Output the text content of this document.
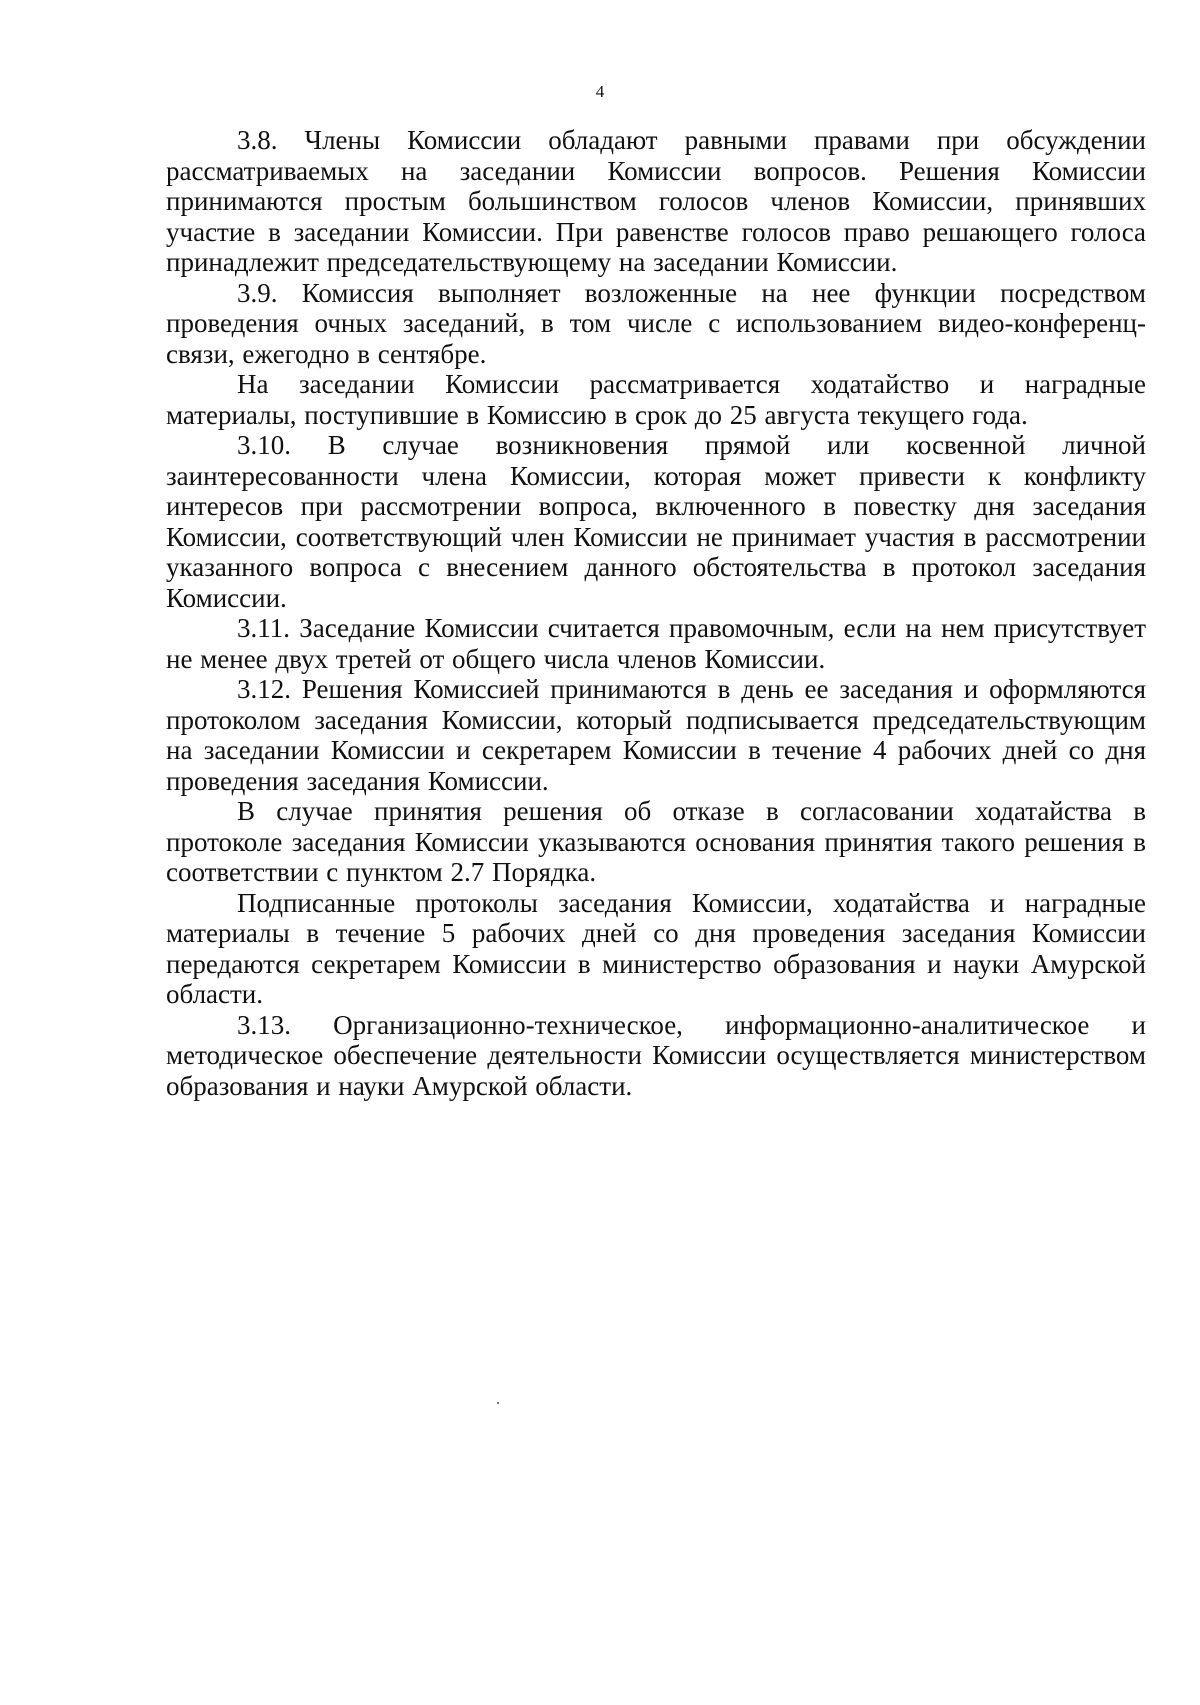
4

3.8. Члены Комиссии обладают равными правами при обсуждении рассматриваемых на заседании Комиссии вопросов. Решения Комиссии принимаются простым большинством голосов членов Комиссии, принявших участие в заседании Комиссии. При равенстве голосов право решающего голоса принадлежит председательствующему на заседании Комиссии.

3.9. Комиссия выполняет возложенные на нее функции посредством проведения очных заседаний, в том числе с использованием видео-конференц-связи, ежегодно в сентябре.

На заседании Комиссии рассматривается ходатайство и наградные материалы, поступившие в Комиссию в срок до 25 августа текущего года.

3.10. В случае возникновения прямой или косвенной личной заинтересованности члена Комиссии, которая может привести к конфликту интересов при рассмотрении вопроса, включенного в повестку дня заседания Комиссии, соответствующий член Комиссии не принимает участия в рассмотрении указанного вопроса с внесением данного обстоятельства в протокол заседания Комиссии.

3.11. Заседание Комиссии считается правомочным, если на нем присутствует не менее двух третей от общего числа членов Комиссии.

3.12. Решения Комиссией принимаются в день ее заседания и оформляются протоколом заседания Комиссии, который подписывается председательствующим на заседании Комиссии и секретарем Комиссии в течение 4 рабочих дней со дня проведения заседания Комиссии.

В случае принятия решения об отказе в согласовании ходатайства в протоколе заседания Комиссии указываются основания принятия такого решения в соответствии с пунктом 2.7 Порядка.

Подписанные протоколы заседания Комиссии, ходатайства и наградные материалы в течение 5 рабочих дней со дня проведения заседания Комиссии передаются секретарем Комиссии в министерство образования и науки Амурской области.

3.13. Организационно-техническое, информационно-аналитическое и методическое обеспечение деятельности Комиссии осуществляется министерством образования и науки Амурской области.
